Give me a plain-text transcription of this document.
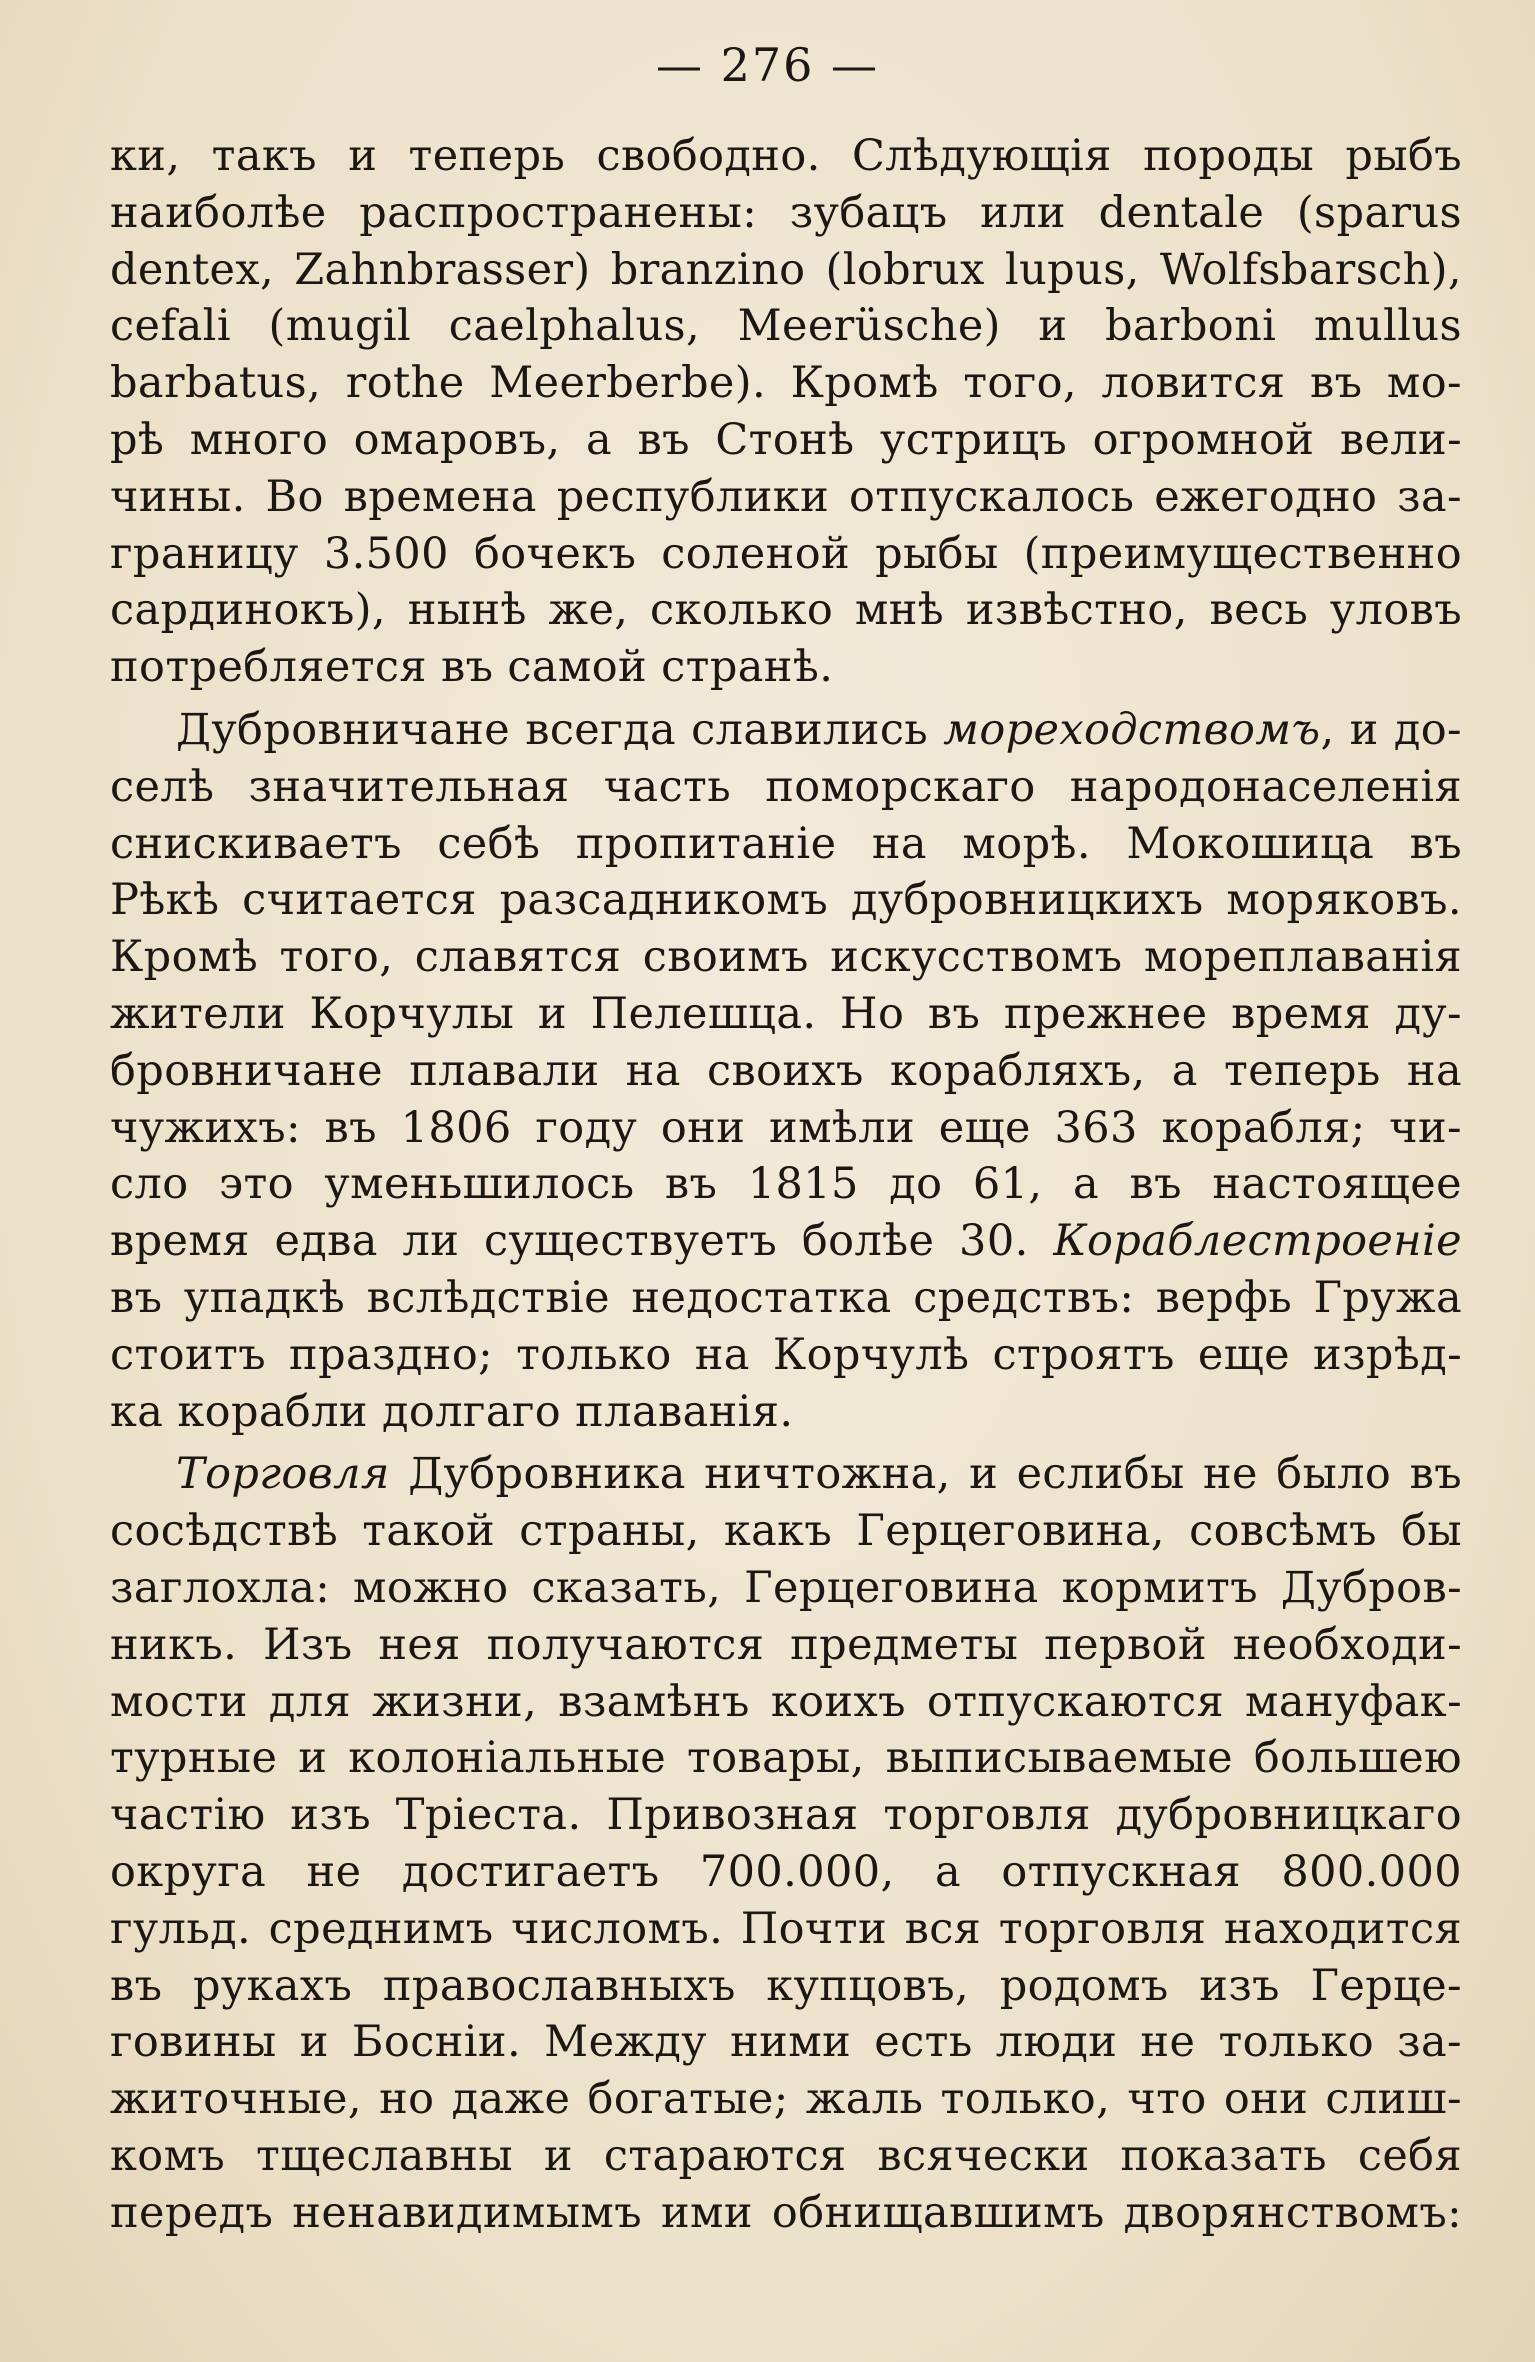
— 276 —
ки, такъ и теперь свободно. Слѣдующія породы рыбъ
наиболѣе распространены: зубацъ или dentale (sparus
dentex, Zahnbrasser) branzino (lobrux lupus, Wolfsbarsch),
cefali (mugil caelphalus, Meerüsche) и barboni mullus
barbatus, rothe Meerberbe). Кромѣ того, ловится въ мо-
рѣ много омаровъ, а въ Стонѣ устрицъ огромной вели-
чины. Во времена республики отпускалось ежегодно за-
границу 3.500 бочекъ соленой рыбы (преимущественно
сардинокъ), нынѣ же, сколько мнѣ извѣстно, весь уловъ
потребляется въ самой странѣ.
Дубровничане всегда славились мореходствомъ, и до-
селѣ значительная часть поморскаго народонаселенія
снискиваетъ себѣ пропитаніе на морѣ. Мокошица въ
Рѣкѣ считается разсадникомъ дубровницкихъ моряковъ.
Кромѣ того, славятся своимъ искусствомъ мореплаванія
жители Корчулы и Пелешца. Но въ прежнее время ду-
бровничане плавали на своихъ корабляхъ, а теперь на
чужихъ: въ 1806 году они имѣли еще 363 корабля; чи-
сло это уменьшилось въ 1815 до 61, а въ настоящее
время едва ли существуетъ болѣе 30. Кораблестроеніе
въ упадкѣ вслѣдствіе недостатка средствъ: верфь Гружа
стоитъ праздно; только на Корчулѣ строятъ еще изрѣд-
ка корабли долгаго плаванія.
Торговля Дубровника ничтожна, и еслибы не было въ
сосѣдствѣ такой страны, какъ Герцеговина, совсѣмъ бы
заглохла: можно сказать, Герцеговина кормитъ Дубров-
никъ. Изъ нея получаются предметы первой необходи-
мости для жизни, взамѣнъ коихъ отпускаются мануфак-
турные и колоніальные товары, выписываемые большею
частію изъ Тріеста. Привозная торговля дубровницкаго
округа не достигаетъ 700.000, а отпускная 800.000
гульд. среднимъ числомъ. Почти вся торговля находится
въ рукахъ православныхъ купцовъ, родомъ изъ Герце-
говины и Босніи. Между ними есть люди не только за-
житочные, но даже богатые; жаль только, что они слиш-
комъ тщеславны и стараются всячески показать себя
передъ ненавидимымъ ими обнищавшимъ дворянствомъ:
